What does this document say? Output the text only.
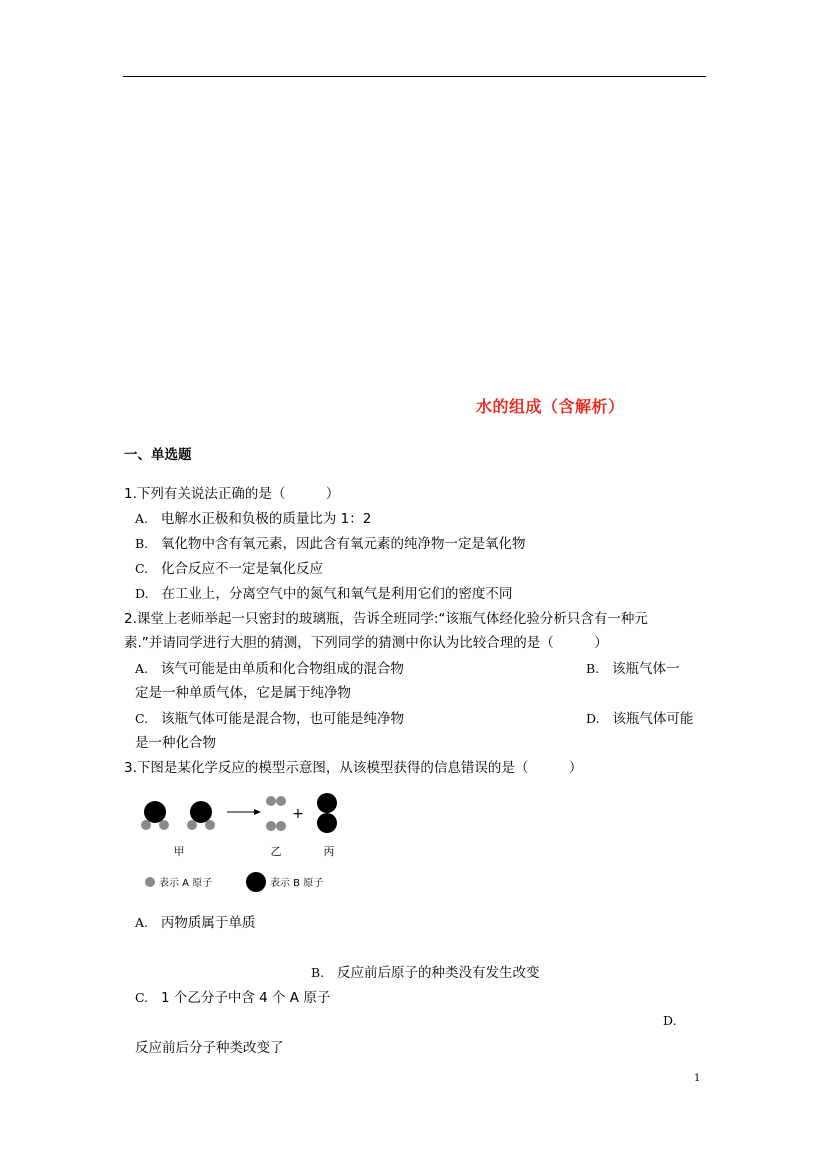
水的组成（含解析）
一、单选题
1.下列有关说法正确的是（　　　）
A. 电解水正极和负极的质量比为 1：2
B. 氧化物中含有氧元素，因此含有氧元素的纯净物一定是氧化物
C. 化合反应不一定是氧化反应
D. 在工业上，分离空气中的氮气和氧气是利用它们的密度不同
2.课堂上老师举起一只密封的玻璃瓶，告诉全班同学:“该瓶气体经化验分析只含有一种元
素.”并请同学进行大胆的猜测，下列同学的猜测中你认为比较合理的是（　　　）
A. 该气可能是由单质和化合物组成的混合物	B. 该瓶气体一
定是一种单质气体，它是属于纯净物
C. 该瓶气体可能是混合物，也可能是纯净物	D. 该瓶气体可能
是一种化合物
3.下图是某化学反应的模型示意图，从该模型获得的信息错误的是（　　　）
+
甲	乙	丙
表示 A 原子	表示 B 原子
A. 丙物质属于单质
B. 反应前后原子的种类没有发生改变
C. 1 个乙分子中含 4 个 A 原子
D.
反应前后分子种类改变了
1
